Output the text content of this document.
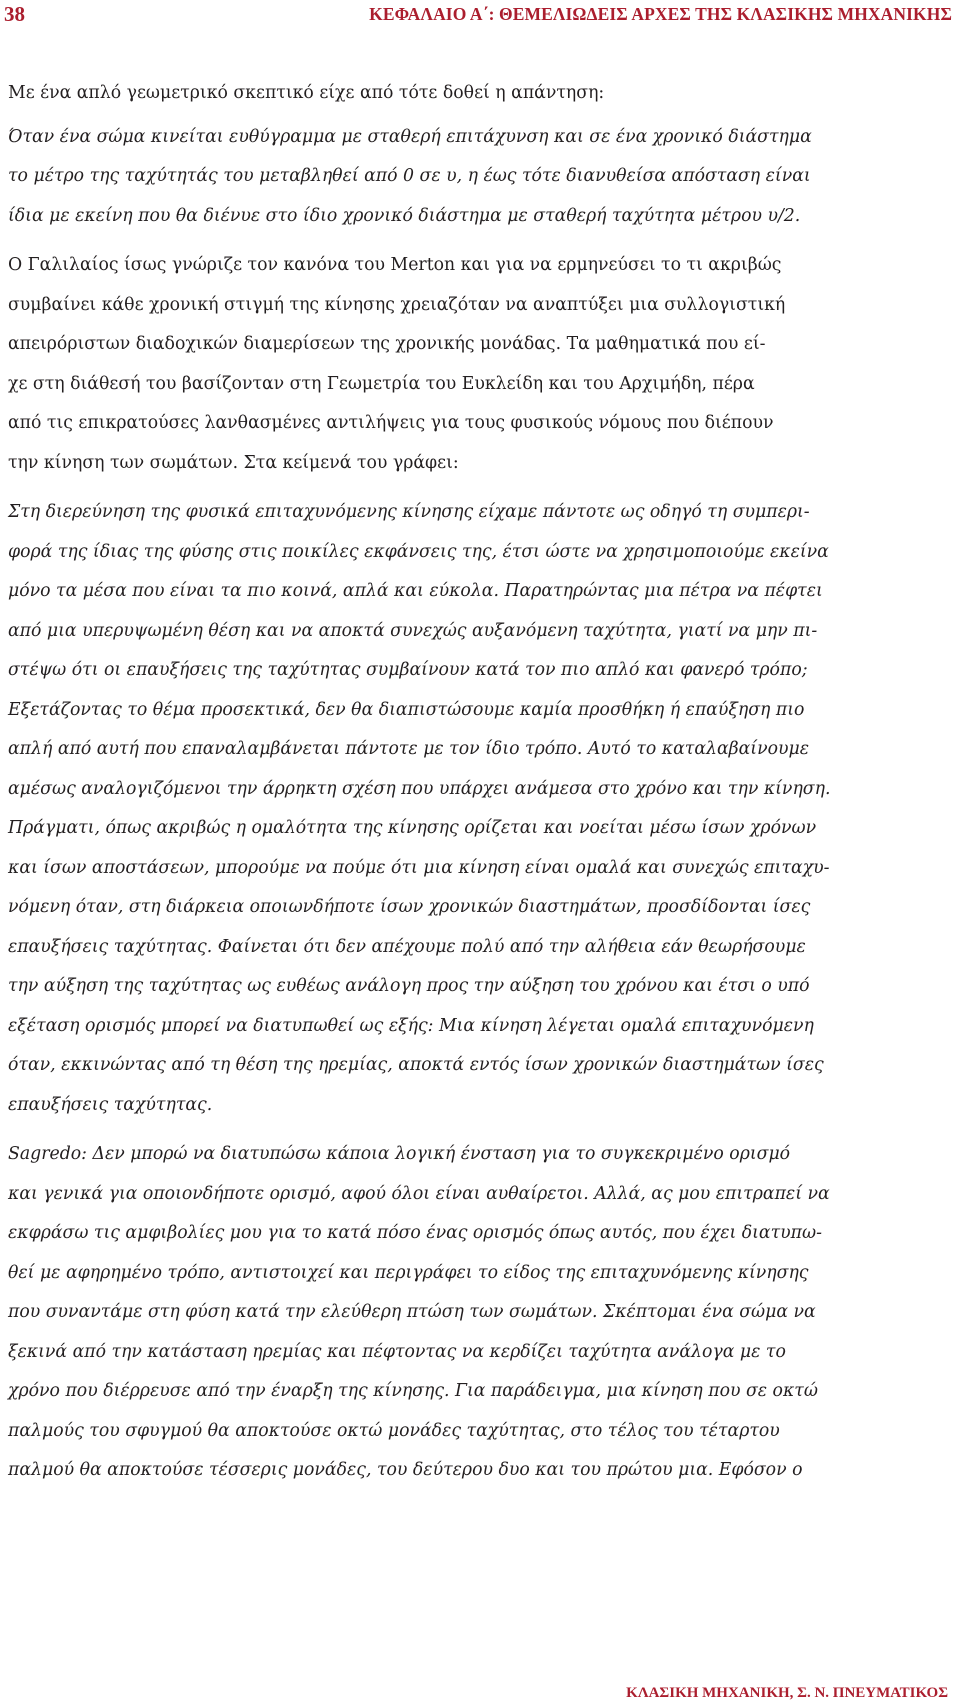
38	ΚΕΦΑΛΑΙΟ Α΄: ΘΕΜΕΛΙΩΔΕΙΣ ΑΡΧΕΣ ΤΗΣ ΚΛΑΣΙΚΗΣ ΜΗΧΑΝΙΚΗΣ

Με ένα απλό γεωμετρικό σκεπτικό είχε από τότε δοθεί η απάντηση:

Όταν ένα σώμα κινείται ευθύγραμμα με σταθερή επιτάχυνση και σε ένα χρονικό διάστημα
το μέτρο της ταχύτητάς του μεταβληθεί από 0 σε υ, η έως τότε διανυθείσα απόσταση είναι
ίδια με εκείνη που θα διένυε στο ίδιο χρονικό διάστημα με σταθερή ταχύτητα μέτρου υ/2.

Ο Γαλιλαίος ίσως γνώριζε τον κανόνα του Merton και για να ερμηνεύσει το τι ακριβώς
συμβαίνει κάθε χρονική στιγμή της κίνησης χρειαζόταν να αναπτύξει μια συλλογιστική
απειρόριστων διαδοχικών διαμερίσεων της χρονικής μονάδας. Τα μαθηματικά που εί-
χε στη διάθεσή του βασίζονταν στη Γεωμετρία του Ευκλείδη και του Αρχιμήδη, πέρα
από τις επικρατούσες λανθασμένες αντιλήψεις για τους φυσικούς νόμους που διέπουν
την κίνηση των σωμάτων. Στα κείμενά του γράφει:

Στη διερεύνηση της φυσικά επιταχυνόμενης κίνησης είχαμε πάντοτε ως οδηγό τη συμπερι-
φορά της ίδιας της φύσης στις ποικίλες εκφάνσεις της, έτσι ώστε να χρησιμοποιούμε εκείνα
μόνο τα μέσα που είναι τα πιο κοινά, απλά και εύκολα. Παρατηρώντας μια πέτρα να πέφτει
από μια υπερυψωμένη θέση και να αποκτά συνεχώς αυξανόμενη ταχύτητα, γιατί να μην πι-
στέψω ότι οι επαυξήσεις της ταχύτητας συμβαίνουν κατά τον πιο απλό και φανερό τρόπο;
Εξετάζοντας το θέμα προσεκτικά, δεν θα διαπιστώσουμε καμία προσθήκη ή επαύξηση πιο
απλή από αυτή που επαναλαμβάνεται πάντοτε με τον ίδιο τρόπο. Αυτό το καταλαβαίνουμε
αμέσως αναλογιζόμενοι την άρρηκτη σχέση που υπάρχει ανάμεσα στο χρόνο και την κίνηση.
Πράγματι, όπως ακριβώς η ομαλότητα της κίνησης ορίζεται και νοείται μέσω ίσων χρόνων
και ίσων αποστάσεων, μπορούμε να πούμε ότι μια κίνηση είναι ομαλά και συνεχώς επιταχυ-
νόμενη όταν, στη διάρκεια οποιωνδήποτε ίσων χρονικών διαστημάτων, προσδίδονται ίσες
επαυξήσεις ταχύτητας. Φαίνεται ότι δεν απέχουμε πολύ από την αλήθεια εάν θεωρήσουμε
την αύξηση της ταχύτητας ως ευθέως ανάλογη προς την αύξηση του χρόνου και έτσι ο υπό
εξέταση ορισμός μπορεί να διατυπωθεί ως εξής: Μια κίνηση λέγεται ομαλά επιταχυνόμενη
όταν, εκκινώντας από τη θέση της ηρεμίας, αποκτά εντός ίσων χρονικών διαστημάτων ίσες
επαυξήσεις ταχύτητας.

Sagredo: Δεν μπορώ να διατυπώσω κάποια λογική ένσταση για το συγκεκριμένο ορισμό
και γενικά για οποιονδήποτε ορισμό, αφού όλοι είναι αυθαίρετοι. Αλλά, ας μου επιτραπεί να
εκφράσω τις αμφιβολίες μου για το κατά πόσο ένας ορισμός όπως αυτός, που έχει διατυπω-
θεί με αφηρημένο τρόπο, αντιστοιχεί και περιγράφει το είδος της επιταχυνόμενης κίνησης
που συναντάμε στη φύση κατά την ελεύθερη πτώση των σωμάτων. Σκέπτομαι ένα σώμα να
ξεκινά από την κατάσταση ηρεμίας και πέφτοντας να κερδίζει ταχύτητα ανάλογα με το
χρόνο που διέρρευσε από την έναρξη της κίνησης. Για παράδειγμα, μια κίνηση που σε οκτώ
παλμούς του σφυγμού θα αποκτούσε οκτώ μονάδες ταχύτητας, στο τέλος του τέταρτου
παλμού θα αποκτούσε τέσσερις μονάδες, του δεύτερου δυο και του πρώτου μια. Εφόσον ο

ΚΛΑΣΙΚΗ ΜΗΧΑΝΙΚΗ, Σ. Ν. ΠΝΕΥΜΑΤΙΚΟΣ
